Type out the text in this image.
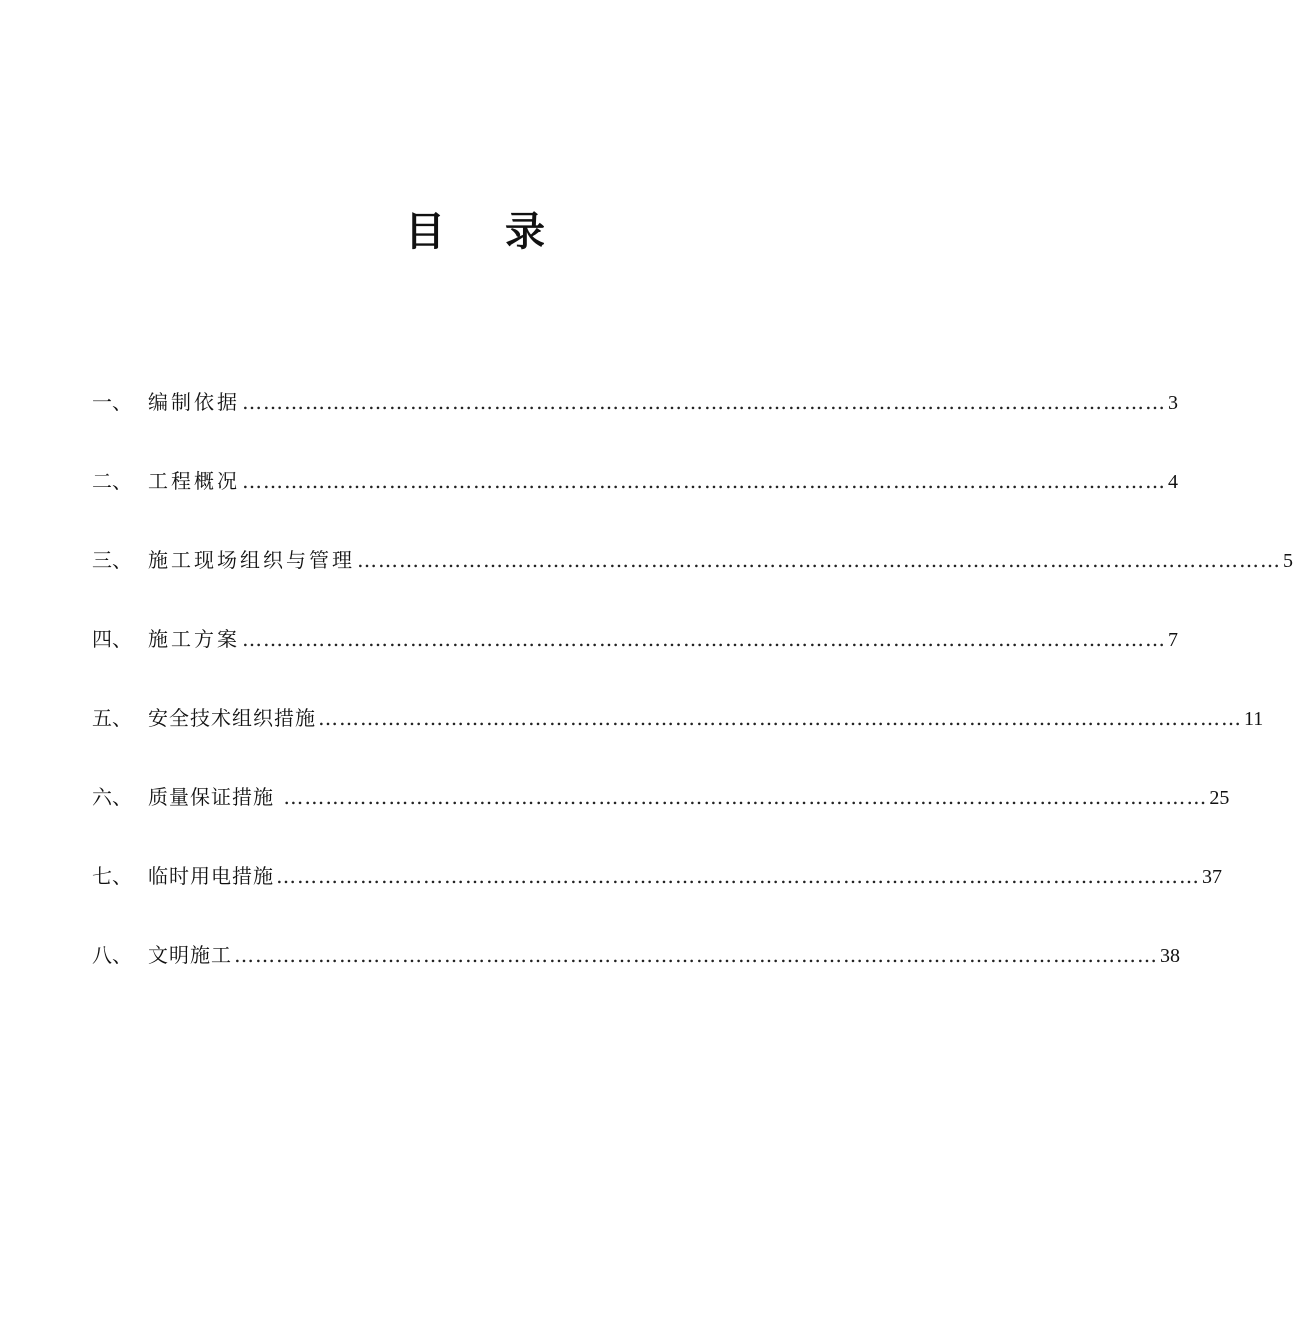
目 录
一、 编制依据 …………………………………………………………………………………………………………………… 3
二、 工程概况 …………………………………………………………………………………………………………………… 4
三、 施工现场组织与管理 …………………………………………………………………………………………………………………… 5
四、 施工方案 …………………………………………………………………………………………………………………… 7
五、 安全技术组织措施 …………………………………………………………………………………………………………………… 11
六、 质量保证措施 …………………………………………………………………………………………………………………… 25
七、 临时用电措施 …………………………………………………………………………………………………………………… 37
八、 文明施工 …………………………………………………………………………………………………………………… 38
